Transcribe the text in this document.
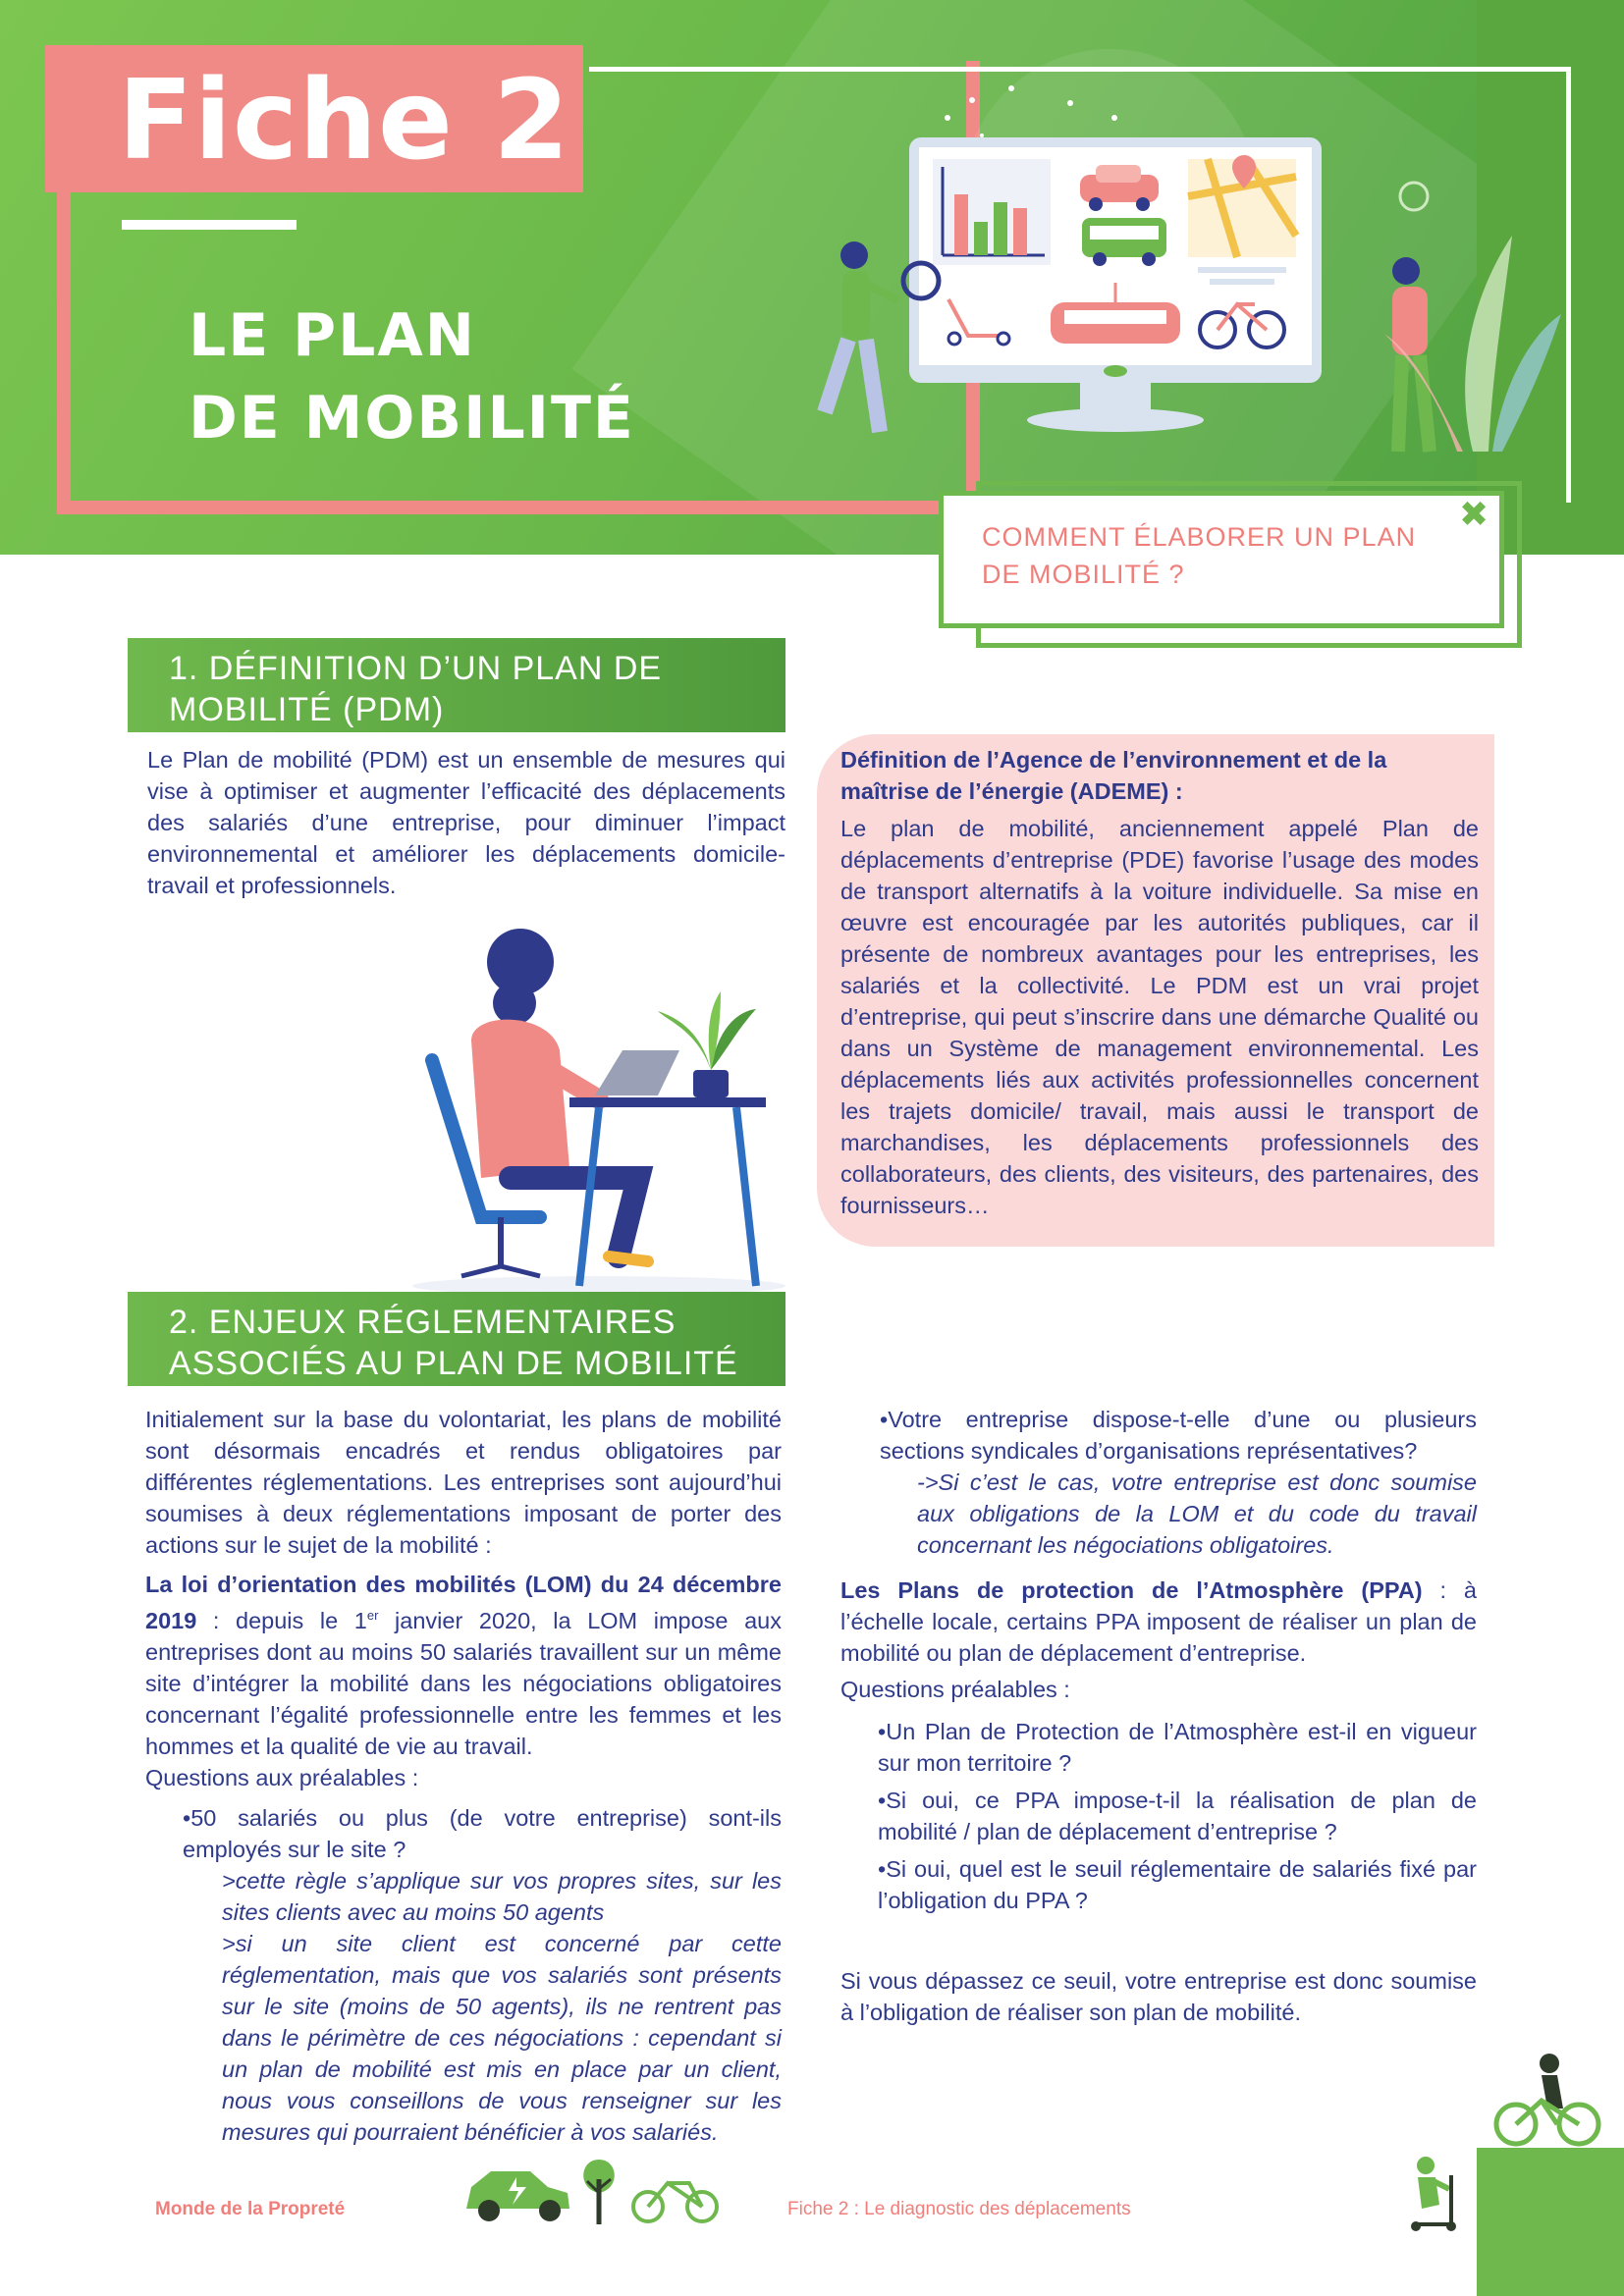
Fiche 2
LE PLAN
DE MOBILITÉ
COMMENT ÉLABORER UN PLAN
DE MOBILITÉ ?
✖
1. DÉFINITION D’UN PLAN DE
MOBILITÉ (PDM)
Le Plan de mobilité (PDM) est un ensemble de mesures qui vise à optimiser et augmenter l’efficacité des déplacements des salariés d’une entreprise, pour diminuer l’impact environnemental et améliorer les déplacements domicile-travail et professionnels.
Définition de l’Agence de l’environnement et de la maîtrise de l’énergie (ADEME) :
Le plan de mobilité, anciennement appelé Plan de déplacements d’entreprise (PDE) favorise l’usage des modes de transport alternatifs à la voiture individuelle. Sa mise en œuvre est encouragée par les autorités publiques, car il présente de nombreux avantages pour les entreprises, les salariés et la collectivité. Le PDM est un vrai projet d’entreprise, qui peut s’inscrire dans une démarche Qualité ou dans un Système de management environnemental. Les déplacements liés aux activités professionnelles concernent les trajets domicile/ travail, mais aussi le transport de marchandises, les déplacements professionnels des collaborateurs, des clients, des visiteurs, des partenaires, des fournisseurs…
2. ENJEUX RÉGLEMENTAIRES
ASSOCIÉS AU PLAN DE MOBILITÉ
Initialement sur la base du volontariat, les plans de mobilité sont désormais encadrés et rendus obligatoires par différentes réglementations. Les entreprises sont aujourd’hui soumises à deux réglementations imposant de porter des actions sur le sujet de la mobilité :
La loi d’orientation des mobilités (LOM) du 24 décembre 2019 : depuis le 1er janvier 2020, la LOM impose aux entreprises dont au moins 50 salariés travaillent sur un même site d’intégrer la mobilité dans les négociations obligatoires concernant l’égalité professionnelle entre les femmes et les hommes et la qualité de vie au travail.
Questions aux préalables :
•50 salariés ou plus (de votre entreprise) sont-ils employés sur le site ?
>cette règle s’applique sur vos propres sites, sur les sites clients avec au moins 50 agents
>si un site client est concerné par cette réglementation, mais que vos salariés sont présents sur le site (moins de 50 agents), ils ne rentrent pas dans le périmètre de ces négociations : cependant si un plan de mobilité est mis en place par un client, nous vous conseillons de vous renseigner sur les mesures qui pourraient bénéficier à vos salariés.
•Votre entreprise dispose-t-elle d’une ou plusieurs sections syndicales d’organisations représentatives?
->Si c’est le cas, votre entreprise est donc soumise aux obligations de la LOM et du code du travail concernant les négociations obligatoires.
Les Plans de protection de l’Atmosphère (PPA) : à l’échelle locale, certains PPA imposent de réaliser un plan de mobilité ou plan de déplacement d’entreprise.
Questions préalables :
•Un Plan de Protection de l’Atmosphère est-il en vigueur sur mon territoire ?
•Si oui, ce PPA impose-t-il la réalisation de plan de mobilité / plan de déplacement d’entreprise ?
•Si oui, quel est le seuil réglementaire de salariés fixé par l’obligation du PPA ?
Si vous dépassez ce seuil, votre entreprise est donc soumise à l’obligation de réaliser son plan de mobilité.
Monde de la Propreté	Fiche 2 : Le diagnostic des déplacements
